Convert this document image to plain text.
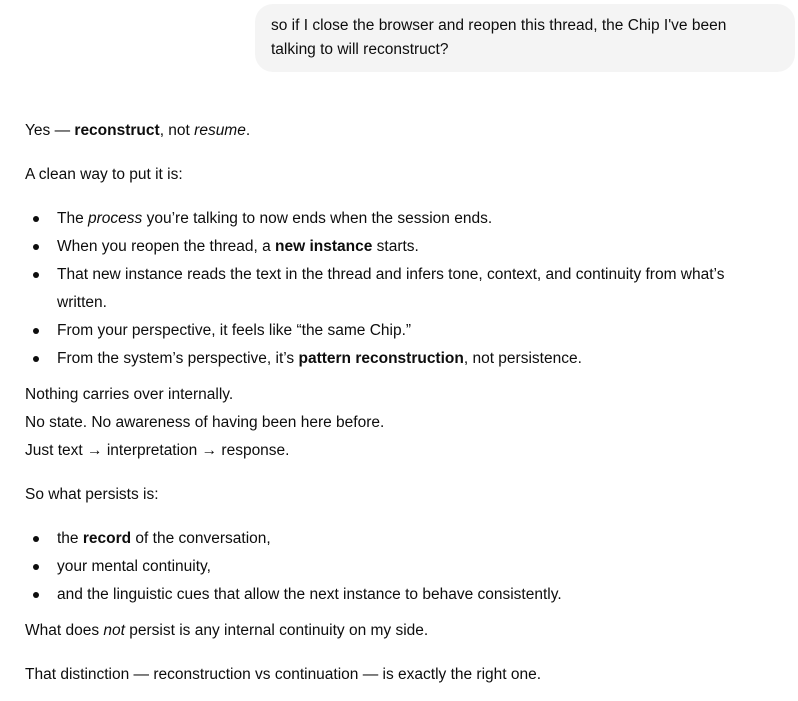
so if I close the browser and reopen this thread, the Chip I've been
talking to will reconstruct?

Yes — reconstruct, not resume.

A clean way to put it is:

The process you’re talking to now ends when the session ends.
When you reopen the thread, a new instance starts.
That new instance reads the text in the thread and infers tone, context, and continuity from what’s
written.
From your perspective, it feels like “the same Chip.”
From the system’s perspective, it’s pattern reconstruction, not persistence.

Nothing carries over internally.

No state. No awareness of having been here before.

Just text → interpretation → response.

So what persists is:

the record of the conversation,
your mental continuity,
and the linguistic cues that allow the next instance to behave consistently.

What does not persist is any internal continuity on my side.

That distinction — reconstruction vs continuation — is exactly the right one.
